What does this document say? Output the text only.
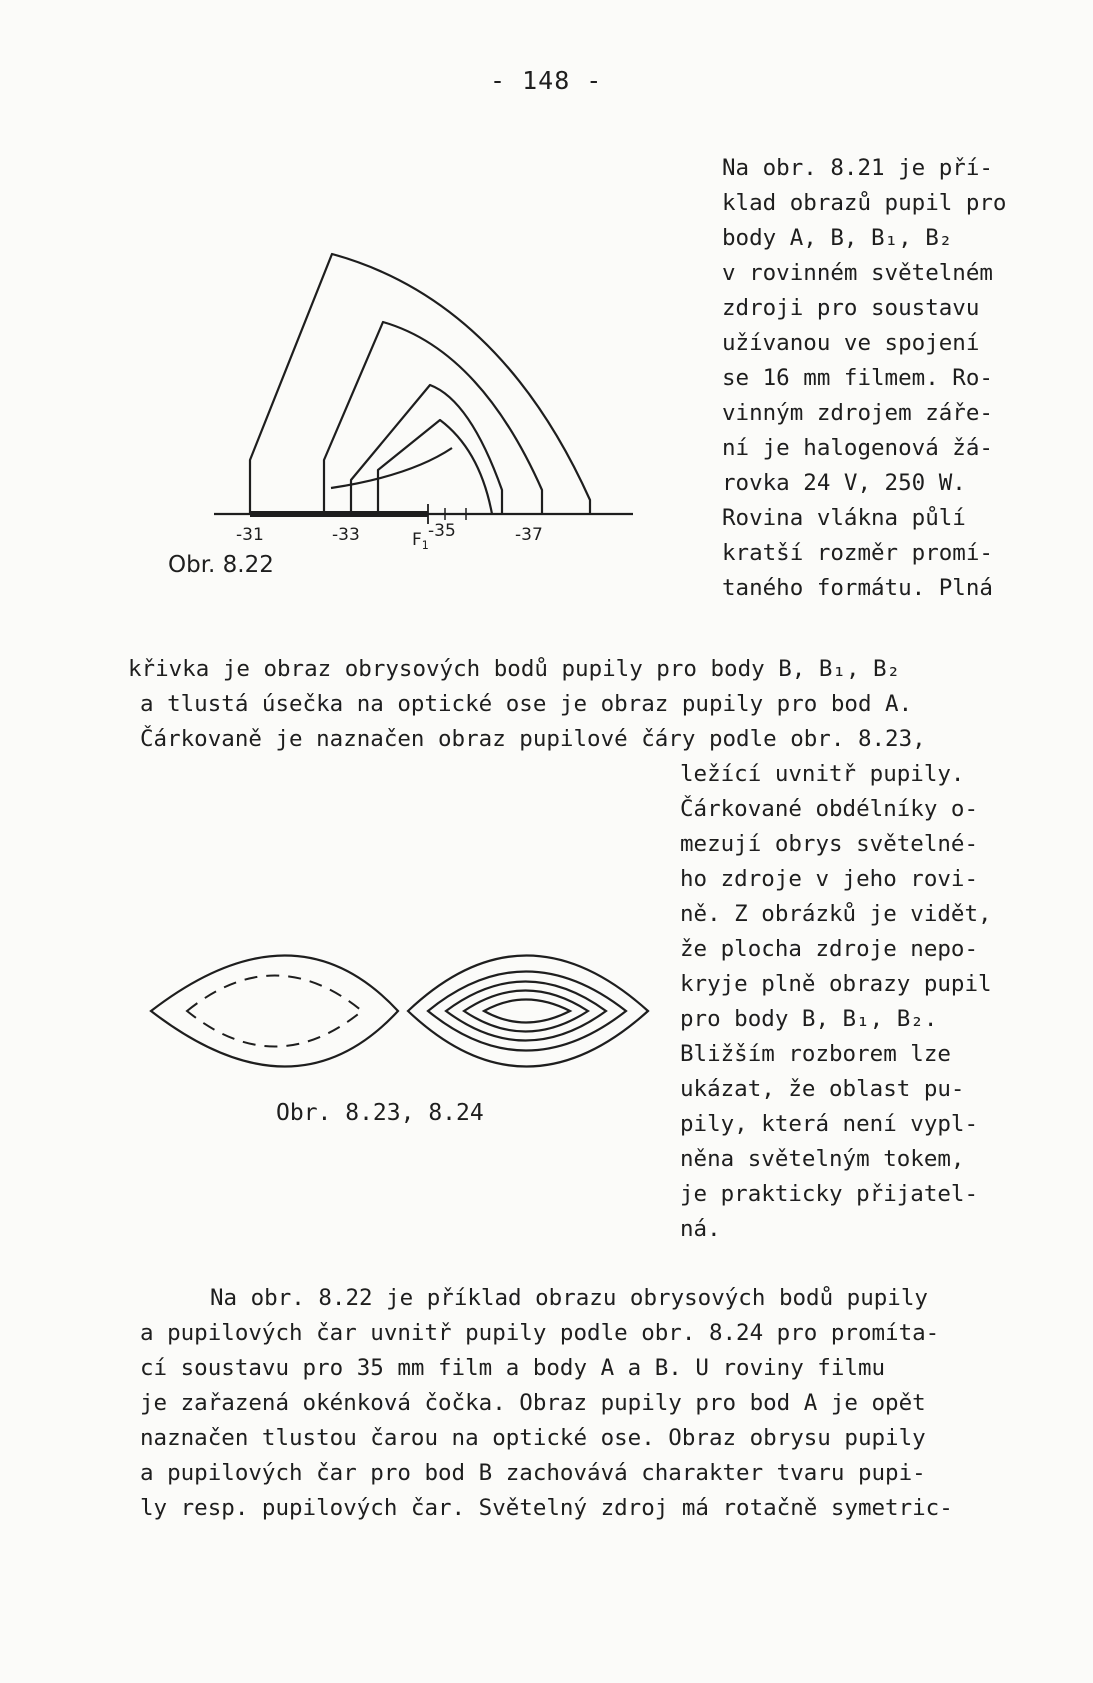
- 148 -
Na obr. 8.21 je pří-
klad obrazů pupil pro
body A, B, B₁, B₂
v rovinném světelném
zdroji pro soustavu
užívanou ve spojení
se 16 mm filmem. Ro-
vinným zdrojem záře-
ní je halogenová žá-
rovka 24 V, 250 W.
Rovina vlákna půlí
kratší rozměr promí-
taného formátu. Plná
-31	-33	$F_1$
-35	-37
Obr. 8.22
křivka je obraz obrysových bodů pupily pro body B, B₁, B₂
a tlustá úsečka na optické ose je obraz pupily pro bod A.
Čárkovaně je naznačen obraz pupilové čáry podle obr. 8.23,
ležící uvnitř pupily.
Čárkované obdélníky o-
mezují obrys světelné-
ho zdroje v jeho rovi-
ně. Z obrázků je vidět,
že plocha zdroje nepo-
kryje plně obrazy pupil
pro body B, B₁, B₂.
Bližším rozborem lze
ukázat, že oblast pu-
pily, která není vypl-
něna světelným tokem,
je prakticky přijatel-
ná.
Obr. 8.23, 8.24
Na obr. 8.22 je příklad obrazu obrysových bodů pupily
a pupilových čar uvnitř pupily podle obr. 8.24 pro promíta-
cí soustavu pro 35 mm film a body A a B. U roviny filmu
je zařazená okénková čočka. Obraz pupily pro bod A je opět
naznačen tlustou čarou na optické ose. Obraz obrysu pupily
a pupilových čar pro bod B zachovává charakter tvaru pupi-
ly resp. pupilových čar. Světelný zdroj má rotačně symetric-
